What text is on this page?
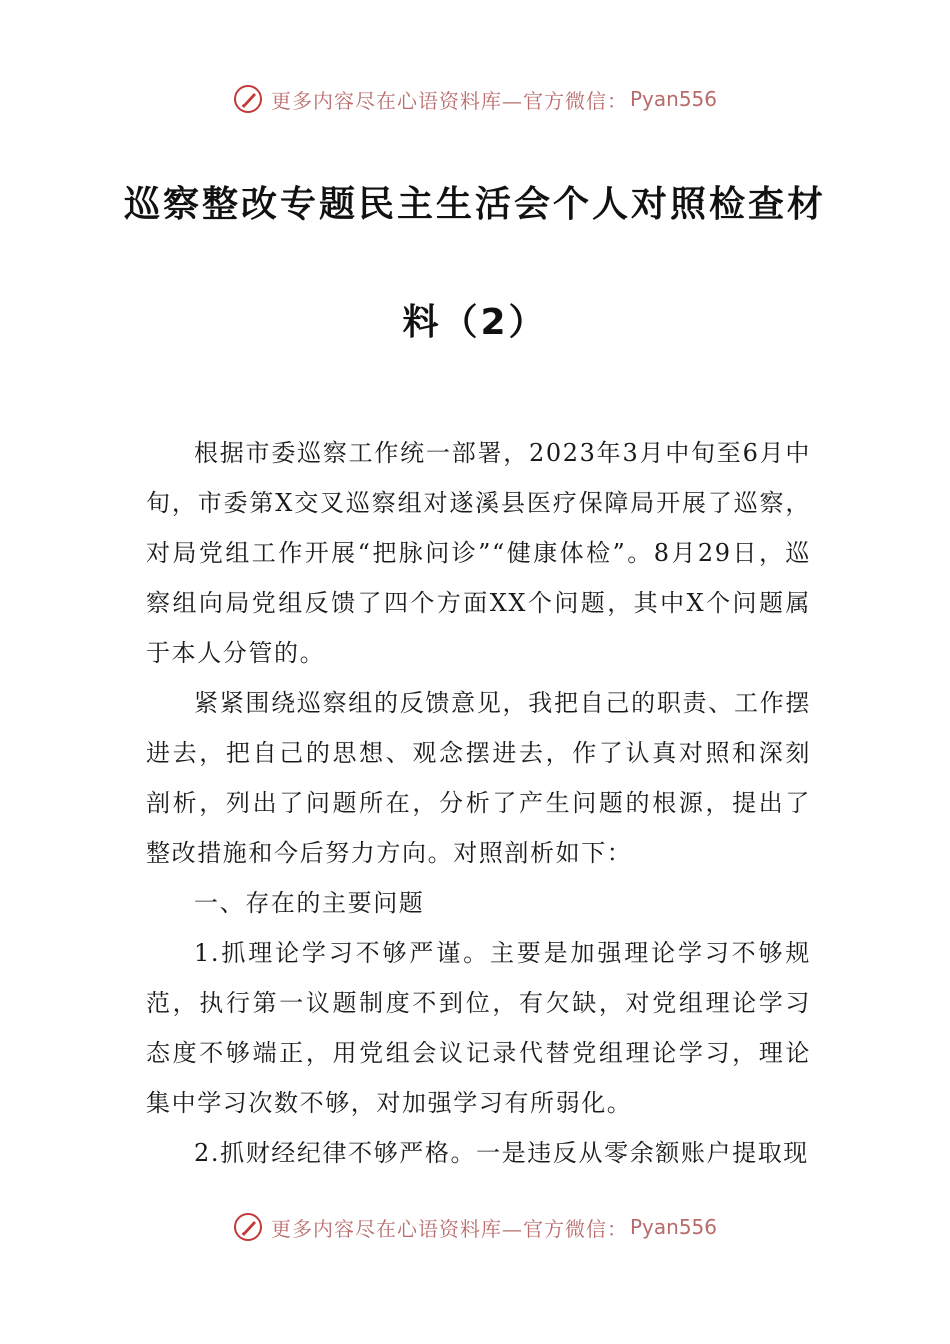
更多内容尽在心语资料库—官方微信： Pyan556
巡察整改专题民主生活会个人对照检查材
料（2）

根据市委巡察工作统一部署，2023年3月中旬至6月中旬，市委第X交叉巡察组对遂溪县医疗保障局开展了巡察，对局党组工作开展“把脉问诊”“健康体检”。8月29日，巡察组向局党组反馈了四个方面XX个问题，其中X个问题属于本人分管的。

紧紧围绕巡察组的反馈意见，我把自己的职责、工作摆进去，把自己的思想、观念摆进去，作了认真对照和深刻剖析，列出了问题所在，分析了产生问题的根源，提出了整改措施和今后努力方向。对照剖析如下：

一、存在的主要问题

1.抓理论学习不够严谨。主要是加强理论学习不够规范，执行第一议题制度不到位，有欠缺，对党组理论学习态度不够端正，用党组会议记录代替党组理论学习，理论集中学习次数不够，对加强学习有所弱化。

2.抓财经纪律不够严格。一是违反从零余额账户提取现

更多内容尽在心语资料库—官方微信： Pyan556
